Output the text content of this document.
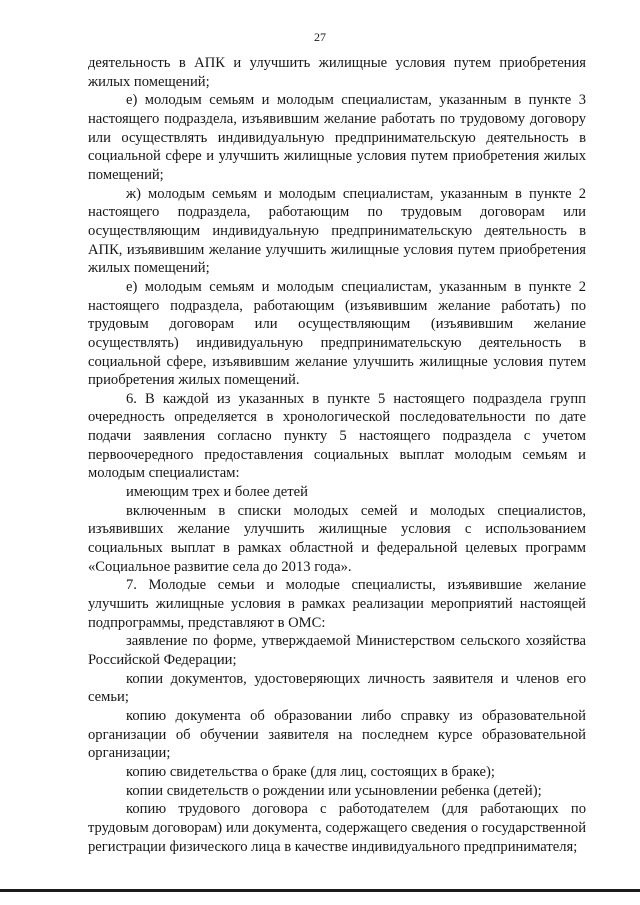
27

деятельность в АПК и улучшить жилищные условия путем приобретения жилых помещений;

е) молодым семьям и молодым специалистам, указанным в пункте 3 настоящего подраздела, изъявившим желание работать по трудовому договору или осуществлять индивидуальную предпринимательскую деятельность в социальной сфере и улучшить жилищные условия путем приобретения жилых помещений;

ж) молодым семьям и молодым специалистам, указанным в пункте 2 настоящего подраздела, работающим по трудовым договорам или осуществляющим индивидуальную предпринимательскую деятельность в АПК, изъявившим желание улучшить жилищные условия путем приобретения жилых помещений;

е) молодым семьям и молодым специалистам, указанным в пункте 2 настоящего подраздела, работающим (изъявившим желание работать) по трудовым договорам или осуществляющим (изъявившим желание осуществлять) индивидуальную предпринимательскую деятельность в социальной сфере, изъявившим желание улучшить жилищные условия путем приобретения жилых помещений.

6. В каждой из указанных в пункте 5 настоящего подраздела групп очередность определяется в хронологической последовательности по дате подачи заявления согласно пункту 5 настоящего подраздела с учетом первоочередного предоставления социальных выплат молодым семьям и молодым специалистам:

имеющим трех и более детей

включенным в списки молодых семей и молодых специалистов, изъявивших желание улучшить жилищные условия с использованием социальных выплат в рамках областной и федеральной целевых программ «Социальное развитие села до 2013 года».

7. Молодые семьи и молодые специалисты, изъявившие желание улучшить жилищные условия в рамках реализации мероприятий настоящей подпрограммы, представляют в ОМС:

заявление по форме, утверждаемой Министерством сельского хозяйства Российской Федерации;

копии документов, удостоверяющих личность заявителя и членов его семьи;

копию документа об образовании либо справку из образовательной организации об обучении заявителя на последнем курсе образовательной организации;

копию свидетельства о браке (для лиц, состоящих в браке);

копии свидетельств о рождении или усыновлении ребенка (детей);

копию трудового договора с работодателем (для работающих по трудовым договорам) или документа, содержащего сведения о государственной регистрации физического лица в качестве индивидуального предпринимателя;
